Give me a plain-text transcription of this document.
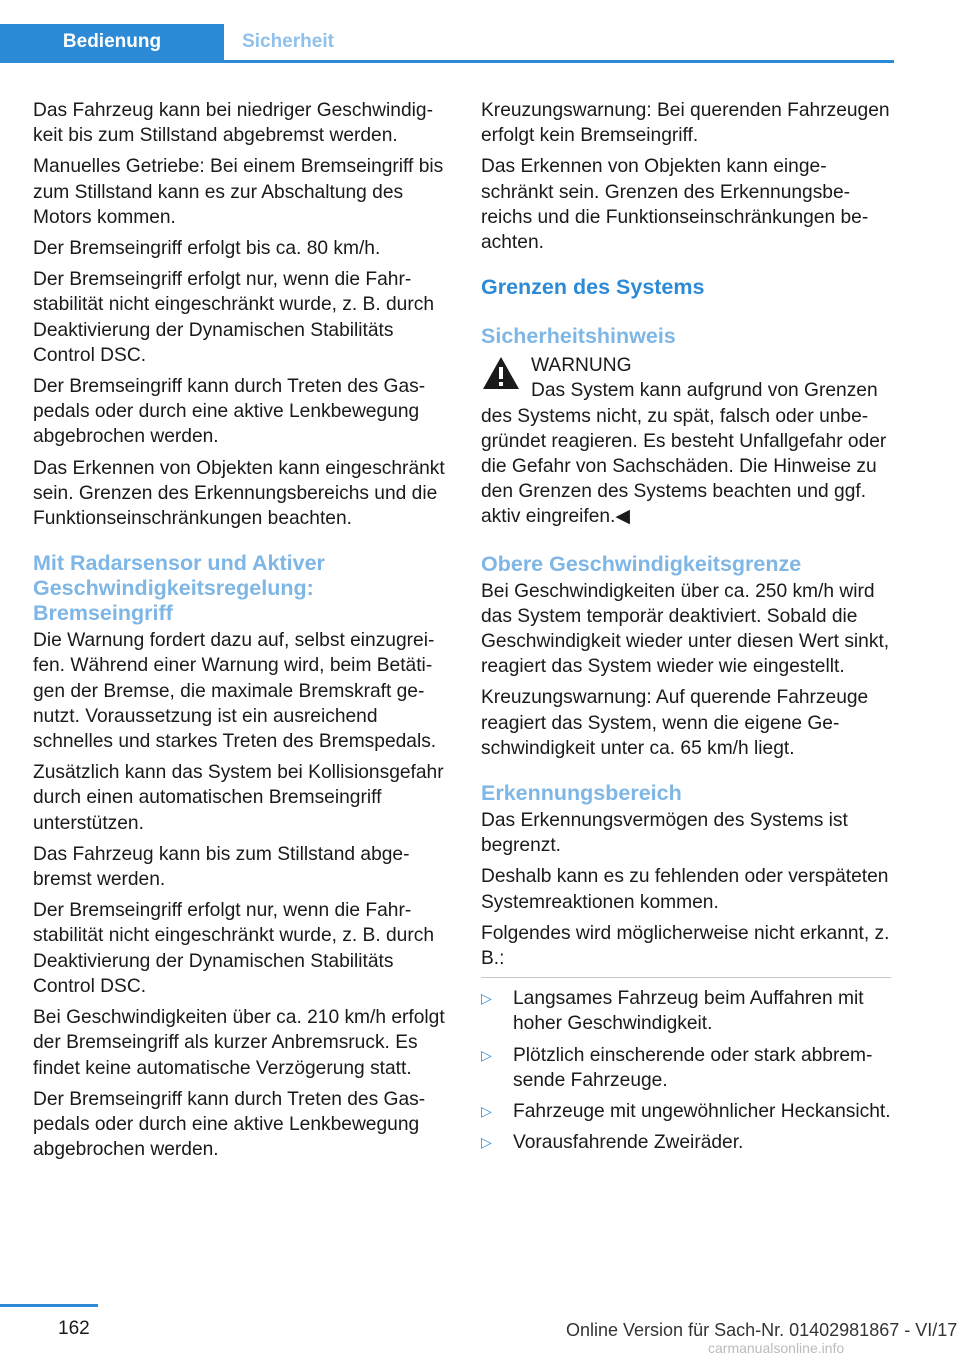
Bedienung	Sicherheit

Das Fahrzeug kann bei niedriger Geschwindigkeit bis zum Stillstand abgebremst werden.

Manuelles Getriebe: Bei einem Bremseingriff bis zum Stillstand kann es zur Abschaltung des Motors kommen.

Der Bremseingriff erfolgt bis ca. 80 km/h.

Der Bremseingriff erfolgt nur, wenn die Fahrstabilität nicht eingeschränkt wurde, z. B. durch Deaktivierung der Dynamischen Stabilitäts Control DSC.

Der Bremseingriff kann durch Treten des Gaspedals oder durch eine aktive Lenkbewegung abgebrochen werden.

Das Erkennen von Objekten kann eingeschränkt sein. Grenzen des Erkennungsbereichs und die Funktionseinschränkungen beachten.

Mit Radarsensor und Aktiver Geschwindigkeitsregelung: Bremseingriff

Die Warnung fordert dazu auf, selbst einzugreifen. Während einer Warnung wird, beim Betätigen der Bremse, die maximale Bremskraft genutzt. Voraussetzung ist ein ausreichend schnelles und starkes Treten des Bremspedals.

Zusätzlich kann das System bei Kollisionsgefahr durch einen automatischen Bremseingriff unterstützen.

Das Fahrzeug kann bis zum Stillstand abgebremst werden.

Der Bremseingriff erfolgt nur, wenn die Fahrstabilität nicht eingeschränkt wurde, z. B. durch Deaktivierung der Dynamischen Stabilitäts Control DSC.

Bei Geschwindigkeiten über ca. 210 km/h erfolgt der Bremseingriff als kurzer Anbremsruck. Es findet keine automatische Verzögerung statt.

Der Bremseingriff kann durch Treten des Gaspedals oder durch eine aktive Lenkbewegung abgebrochen werden.

Kreuzungswarnung: Bei querenden Fahrzeugen erfolgt kein Bremseingriff.

Das Erkennen von Objekten kann eingeschränkt sein. Grenzen des Erkennungsbereichs und die Funktionseinschränkungen beachten.

Grenzen des Systems
Sicherheitshinweis
WARNUNG

Das System kann aufgrund von Grenzen des Systems nicht, zu spät, falsch oder unbegründet reagieren. Es besteht Unfallgefahr oder die Gefahr von Sachschäden. Die Hinweise zu den Grenzen des Systems beachten und ggf. aktiv eingreifen.◀

Obere Geschwindigkeitsgrenze

Bei Geschwindigkeiten über ca. 250 km/h wird das System temporär deaktiviert. Sobald die Geschwindigkeit wieder unter diesen Wert sinkt, reagiert das System wieder wie eingestellt.

Kreuzungswarnung: Auf querende Fahrzeuge reagiert das System, wenn die eigene Geschwindigkeit unter ca. 65 km/h liegt.

Erkennungsbereich

Das Erkennungsvermögen des Systems ist begrenzt.

Deshalb kann es zu fehlenden oder verspäteten Systemreaktionen kommen.

Folgendes wird möglicherweise nicht erkannt, z. B.:

▷ Langsames Fahrzeug beim Auffahren mit hoher Geschwindigkeit.
▷ Plötzlich einscherende oder stark abbremsende Fahrzeuge.
▷ Fahrzeuge mit ungewöhnlicher Heckansicht.
▷ Vorausfahrende Zweiräder.
162	Online Version für Sach-Nr. 01402981867 - VI/17
carmanualsonline.info
